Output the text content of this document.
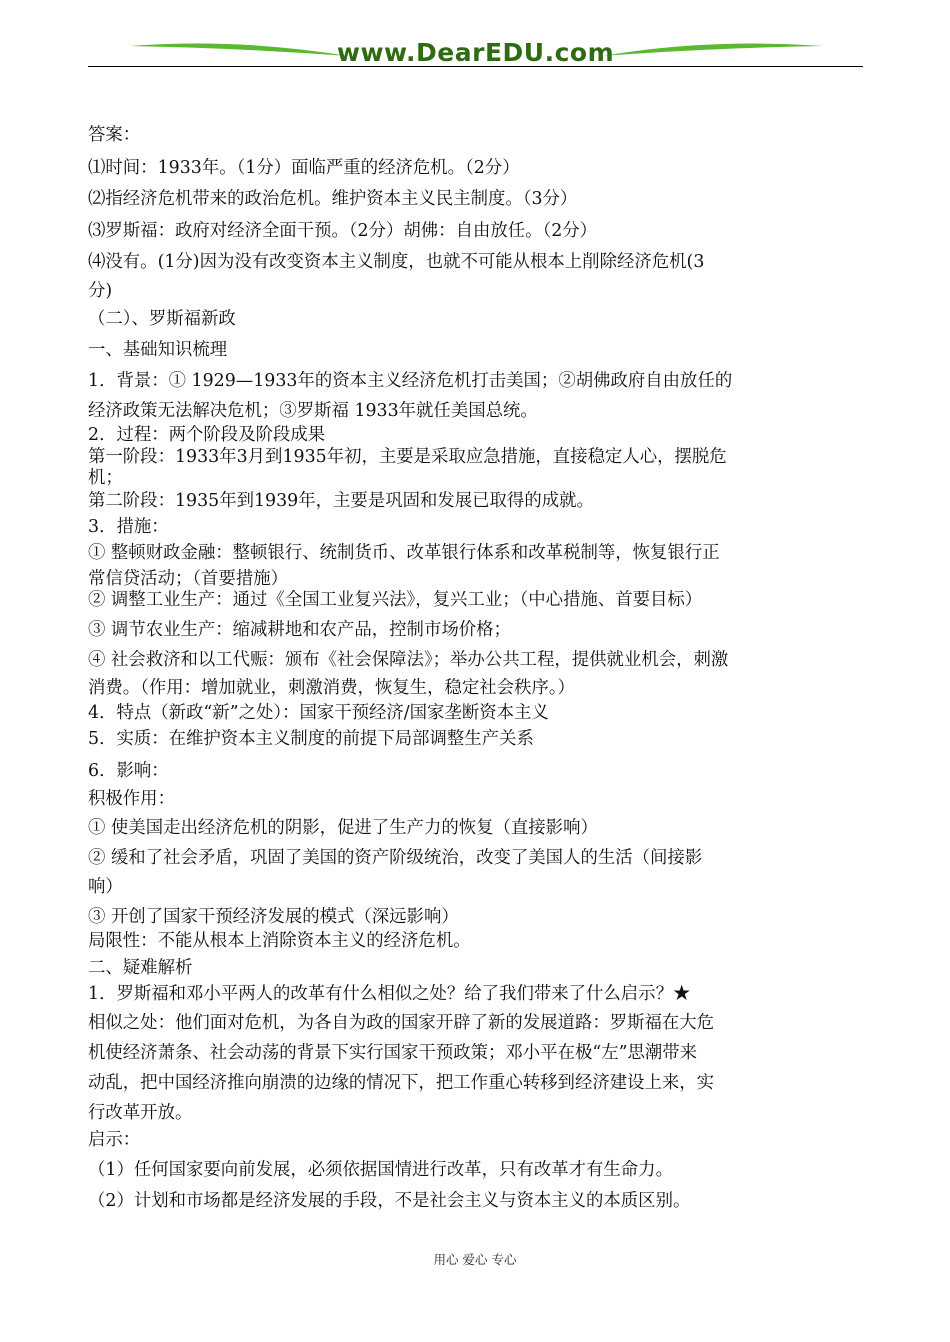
www.DearEDU.com

答案：

⑴时间：1933年。（1分）面临严重的经济危机。（2分）

⑵指经济危机带来的政治危机。维护资本主义民主制度。（3分）

⑶罗斯福：政府对经济全面干预。（2分）胡佛：自由放任。（2分）

⑷没有。(1分)因为没有改变资本主义制度，也就不可能从根本上削除经济危机(3

分)

（二）、罗斯福新政

一、基础知识梳理

1．背景：① 1929—1933年的资本主义经济危机打击美国；②胡佛政府自由放任的

经济政策无法解决危机；③罗斯福 1933年就任美国总统。

2．过程：两个阶段及阶段成果

第一阶段：1933年3月到1935年初，主要是采取应急措施，直接稳定人心，摆脱危

机；

第二阶段：1935年到1939年，主要是巩固和发展已取得的成就。

3．措施：

① 整顿财政金融：整顿银行、统制货币、改革银行体系和改革税制等，恢复银行正

常信贷活动；（首要措施）

② 调整工业生产：通过《全国工业复兴法》，复兴工业；（中心措施、首要目标）

③ 调节农业生产：缩减耕地和农产品，控制市场价格；

④ 社会救济和以工代赈：颁布《社会保障法》；举办公共工程，提供就业机会，刺激

消费。（作用：增加就业，刺激消费，恢复生，稳定社会秩序。）

4．特点（新政“新”之处）：国家干预经济/国家垄断资本主义

5．实质：在维护资本主义制度的前提下局部调整生产关系

6．影响：

积极作用：

① 使美国走出经济危机的阴影，促进了生产力的恢复（直接影响）

② 缓和了社会矛盾，巩固了美国的资产阶级统治，改变了美国人的生活（间接影

响）

③ 开创了国家干预经济发展的模式（深远影响）

局限性：不能从根本上消除资本主义的经济危机。

二、疑难解析

1．罗斯福和邓小平两人的改革有什么相似之处？给了我们带来了什么启示？★

相似之处：他们面对危机，为各自为政的国家开辟了新的发展道路：罗斯福在大危

机使经济萧条、社会动荡的背景下实行国家干预政策；邓小平在极“左”思潮带来

动乱，把中国经济推向崩溃的边缘的情况下，把工作重心转移到经济建设上来，实

行改革开放。

启示：

（1）任何国家要向前发展，必须依据国情进行改革，只有改革才有生命力。

（2）计划和市场都是经济发展的手段，不是社会主义与资本主义的本质区别。

用心 爱心 专心
